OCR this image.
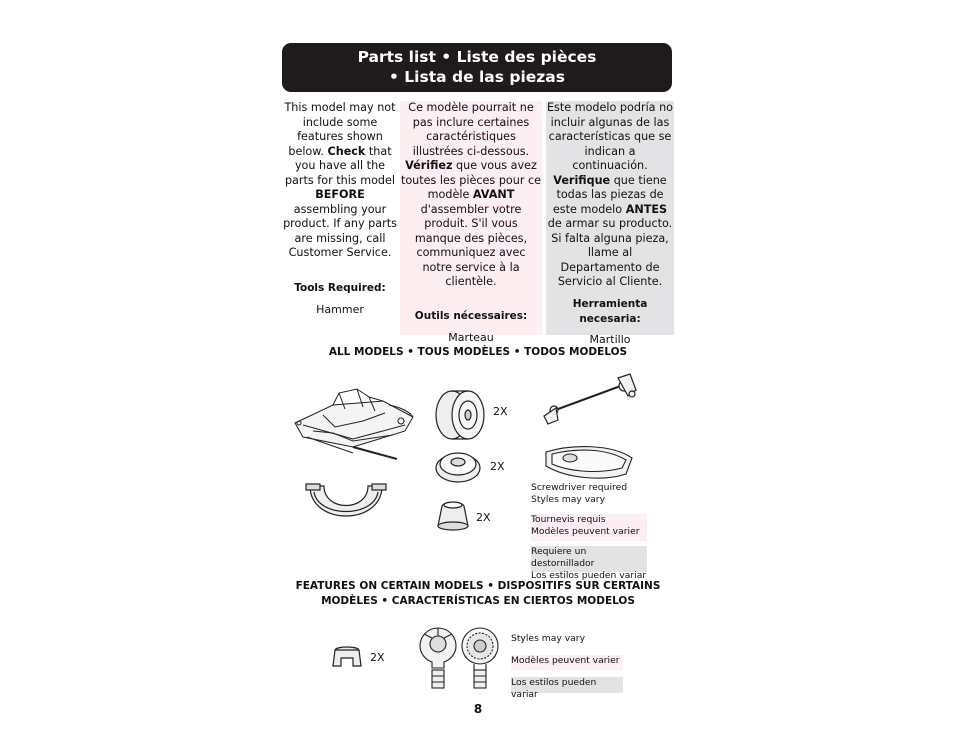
Parts list • Liste des pièces
• Lista de las piezas
This model may not include some features shown below. Check that you have all the parts for this model BEFORE assembling your product. If any parts are missing, call Customer Service.
Tools Required:
Hammer
Ce modèle pourrait ne pas inclure certaines caractéristiques illustrées ci-dessous. Vérifiez que vous avez toutes les pièces pour ce modèle AVANT d'assembler votre produit. S'il vous manque des pièces, communiquez avec notre service à la clientèle.
Outils nécessaires:
Marteau
Este modelo podría no incluir algunas de las características que se indican a continuación. Verifique que tiene todas las piezas de este modelo ANTES de armar su producto. Si falta alguna pieza, llame al Departamento de Servicio al Cliente.
Herramienta necesaria:
Martillo
ALL MODELS • TOUS MODÈLES • TODOS MODELOS
2X
2X
2X
Screwdriver required
Styles may vary
Tournevis requis
Modèles peuvent varier
Requiere un destornillador
Los estilos pueden variar
FEATURES ON CERTAIN MODELS • DISPOSITIFS SUR CERTAINS
MODÈLES • CARACTERÍSTICAS EN CIERTOS MODELOS
2X
Styles may vary
Modèles peuvent varier
Los estilos pueden variar
8
